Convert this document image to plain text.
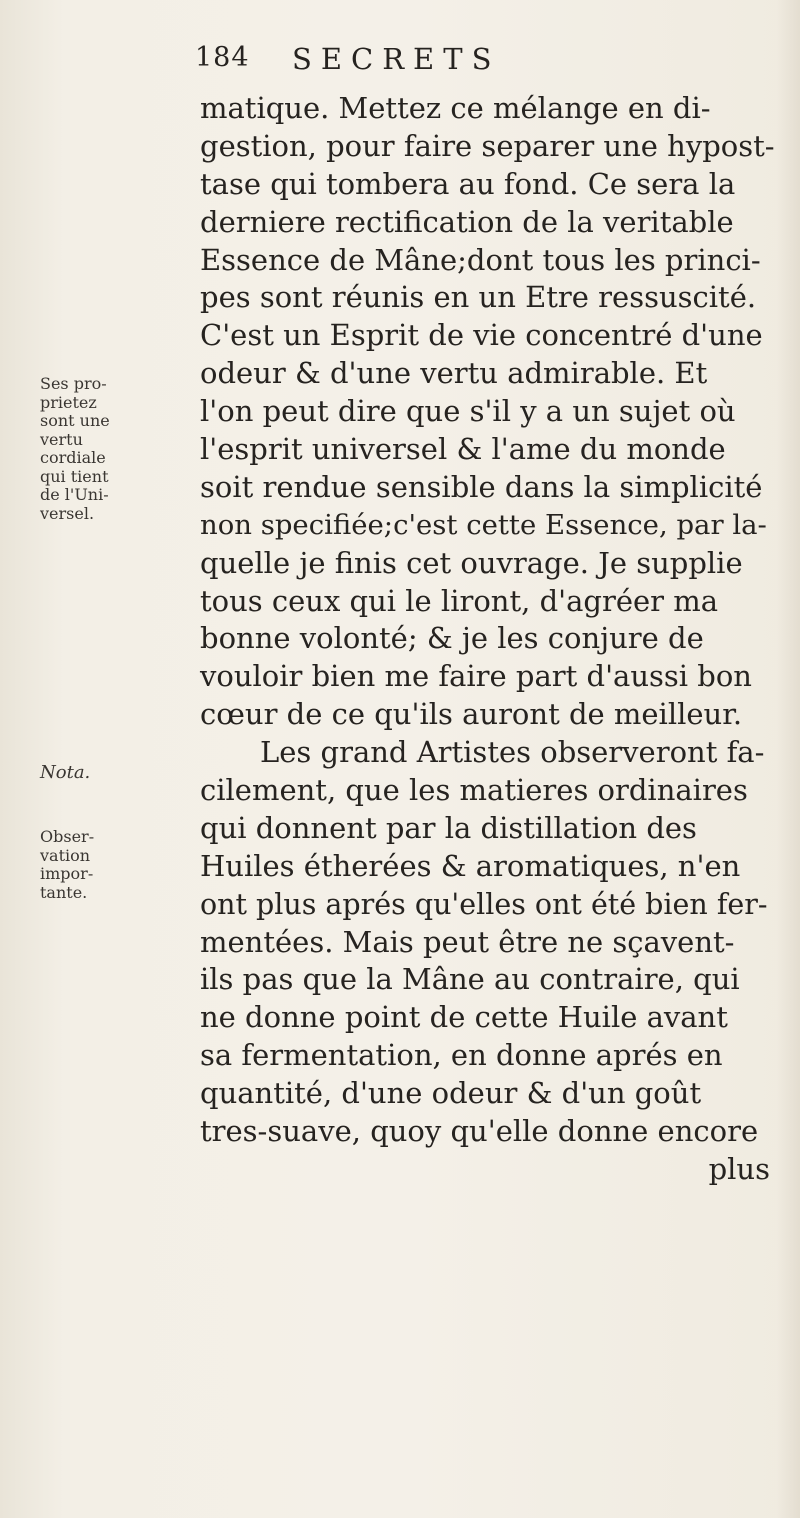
184 SECRETS
Ses pro-
prietez
sont une
vertu
cordiale
qui tient
de l'Uni-
versel.
Nota.
Obser-
vation
impor-
tante.
matique. Mettez ce mélange en di-
gestion, pour faire separer une hypost-
tase qui tombera au fond. Ce sera la
derniere rectification de la veritable
Essence de Mâne;dont tous les princi-
pes sont réunis en un Etre ressuscité.
C'est un Esprit de vie concentré d'une
odeur & d'une vertu admirable. Et
l'on peut dire que s'il y a un sujet où
l'esprit universel & l'ame du monde
soit rendue sensible dans la simplicité
non specifiée;c'est cette Essence, par la-
quelle je finis cet ouvrage. Je supplie
tous ceux qui le liront, d'agréer ma
bonne volonté; & je les conjure de
vouloir bien me faire part d'aussi bon
cœur de ce qu'ils auront de meilleur.
Les grand Artistes observeront fa-
cilement, que les matieres ordinaires
qui donnent par la distillation des
Huiles étherées & aromatiques, n'en
ont plus aprés qu'elles ont été bien fer-
mentées. Mais peut être ne sçavent-
ils pas que la Mâne au contraire, qui
ne donne point de cette Huile avant
sa fermentation, en donne aprés en
quantité, d'une odeur & d'un goût
tres-suave, quoy qu'elle donne encore
plus
